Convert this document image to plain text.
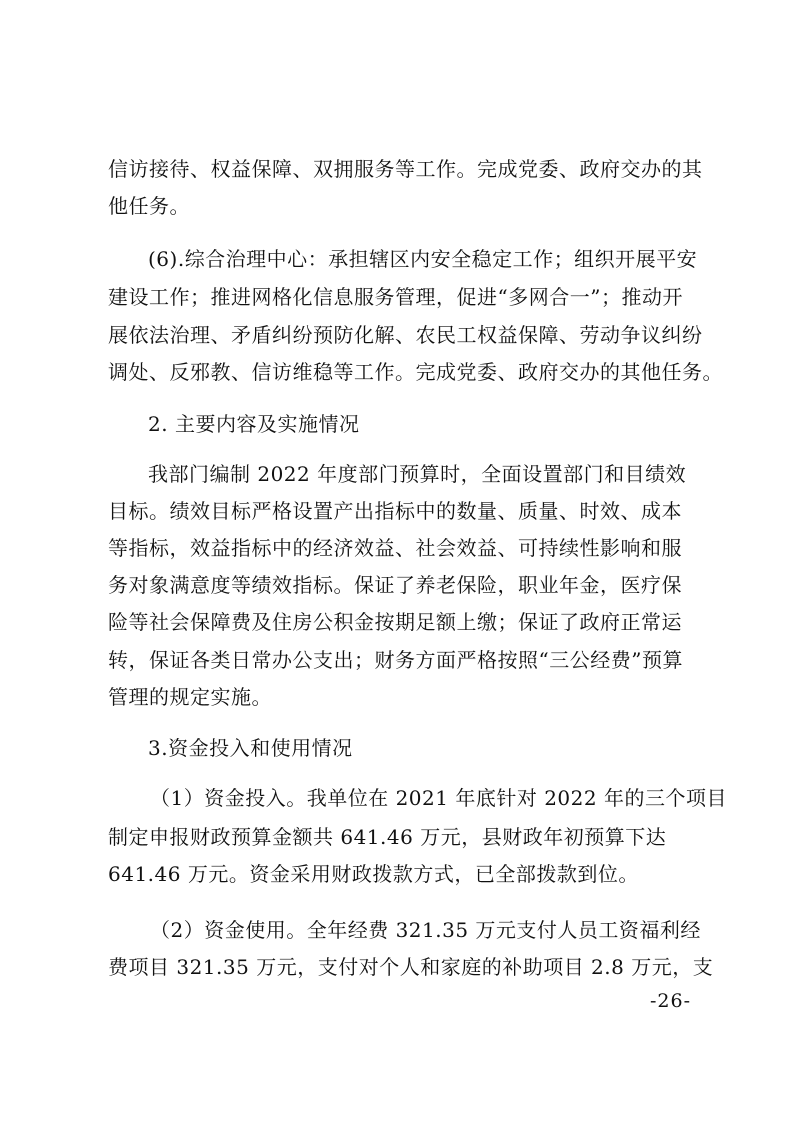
信访接待、权益保障、双拥服务等工作。完成党委、政府交办的其
他任务。
(6).综合治理中心：承担辖区内安全稳定工作；组织开展平安
建设工作；推进网格化信息服务管理，促进“多网合一”；推动开
展依法治理、矛盾纠纷预防化解、农民工权益保障、劳动争议纠纷
调处、反邪教、信访维稳等工作。完成党委、政府交办的其他任务。
2. 主要内容及实施情况
我部门编制 2022 年度部门预算时，全面设置部门和目绩效
目标。绩效目标严格设置产出指标中的数量、质量、时效、成本
等指标，效益指标中的经济效益、社会效益、可持续性影响和服
务对象满意度等绩效指标。保证了养老保险，职业年金，医疗保
险等社会保障费及住房公积金按期足额上缴；保证了政府正常运
转，保证各类日常办公支出；财务方面严格按照“三公经费”预算
管理的规定实施。
3.资金投入和使用情况
（1）资金投入。我单位在 2021 年底针对 2022 年的三个项目
制定申报财政预算金额共 641.46 万元，县财政年初预算下达
641.46 万元。资金采用财政拨款方式，已全部拨款到位。
（2）资金使用。全年经费 321.35 万元支付人员工资福利经
费项目 321.35 万元，支付对个人和家庭的补助项目 2.8 万元，支
-26-
